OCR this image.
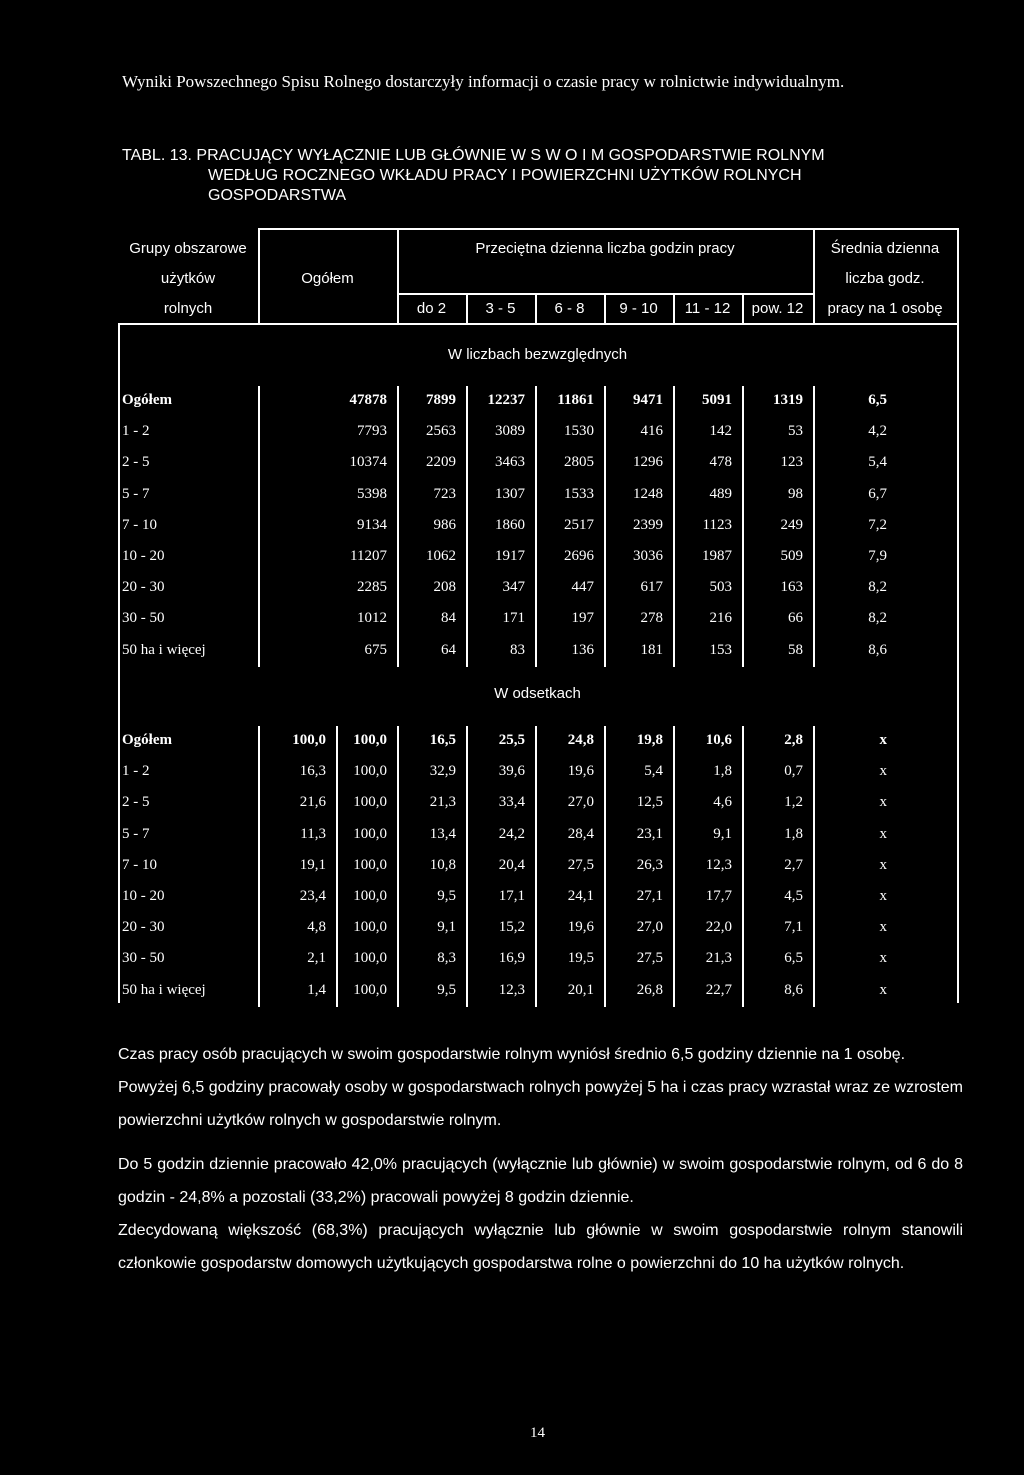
Wyniki Powszechnego Spisu Rolnego dostarczyły informacji o czasie pracy w rolnictwie indywidualnym.
TABL. 13. PRACUJĄCY WYŁĄCZNIE LUB GŁÓWNIE W S W O I M GOSPODARSTWIE ROLNYM
WEDŁUG ROCZNEGO WKŁADU PRACY I POWIERZCHNI UŻYTKÓW ROLNYCH
GOSPODARSTWA
Grupy obszarowe
użytków
rolnych
Ogółem
Przeciętna dzienna liczba godzin pracy	Średnia dzienna
liczba godz.
pracy na 1 osobę
do 2	3 - 5	6 - 8	9 - 10	11 - 12	pow. 12
W liczbach bezwzględnych
W odsetkach
Ogółem	47878	7899	12237	11861	9471	5091	1319	6,5
1 - 2	7793	2563	3089	1530	416	142	53	4,2
2 - 5	10374	2209	3463	2805	1296	478	123	5,4
5 - 7	5398	723	1307	1533	1248	489	98	6,7
7 - 10	9134	986	1860	2517	2399	1123	249	7,2
10 - 20	11207	1062	1917	2696	3036	1987	509	7,9
20 - 30	2285	208	347	447	617	503	163	8,2
30 - 50	1012	84	171	197	278	216	66	8,2
50 ha i więcej	675	64	83	136	181	153	58	8,6
Ogółem	100,0	100,0	16,5	25,5	24,8	19,8	10,6	2,8	x
1 - 2	16,3	100,0	32,9	39,6	19,6	5,4	1,8	0,7	x
2 - 5	21,6	100,0	21,3	33,4	27,0	12,5	4,6	1,2	x
5 - 7	11,3	100,0	13,4	24,2	28,4	23,1	9,1	1,8	x
7 - 10	19,1	100,0	10,8	20,4	27,5	26,3	12,3	2,7	x
10 - 20	23,4	100,0	9,5	17,1	24,1	27,1	17,7	4,5	x
20 - 30	4,8	100,0	9,1	15,2	19,6	27,0	22,0	7,1	x
30 - 50	2,1	100,0	8,3	16,9	19,5	27,5	21,3	6,5	x
50 ha i więcej	1,4	100,0	9,5	12,3	20,1	26,8	22,7	8,6	x
Czas pracy osób pracujących w swoim gospodarstwie rolnym wyniósł średnio 6,5 godziny dziennie na 1 osobę.
Powyżej 6,5 godziny pracowały osoby w gospodarstwach rolnych powyżej 5 ha i czas pracy wzrastał wraz ze wzrostem powierzchni użytków rolnych w gospodarstwie rolnym.
Do 5 godzin dziennie pracowało 42,0% pracujących (wyłącznie lub głównie) w swoim gospodarstwie rolnym, od 6 do 8 godzin - 24,8% a pozostali (33,2%) pracowali powyżej 8 godzin dziennie.
Zdecydowaną większość (68,3%) pracujących wyłącznie lub głównie w swoim gospodarstwie rolnym stanowili członkowie gospodarstw domowych użytkujących gospodarstwa rolne o powierzchni do 10 ha użytków rolnych.
14
